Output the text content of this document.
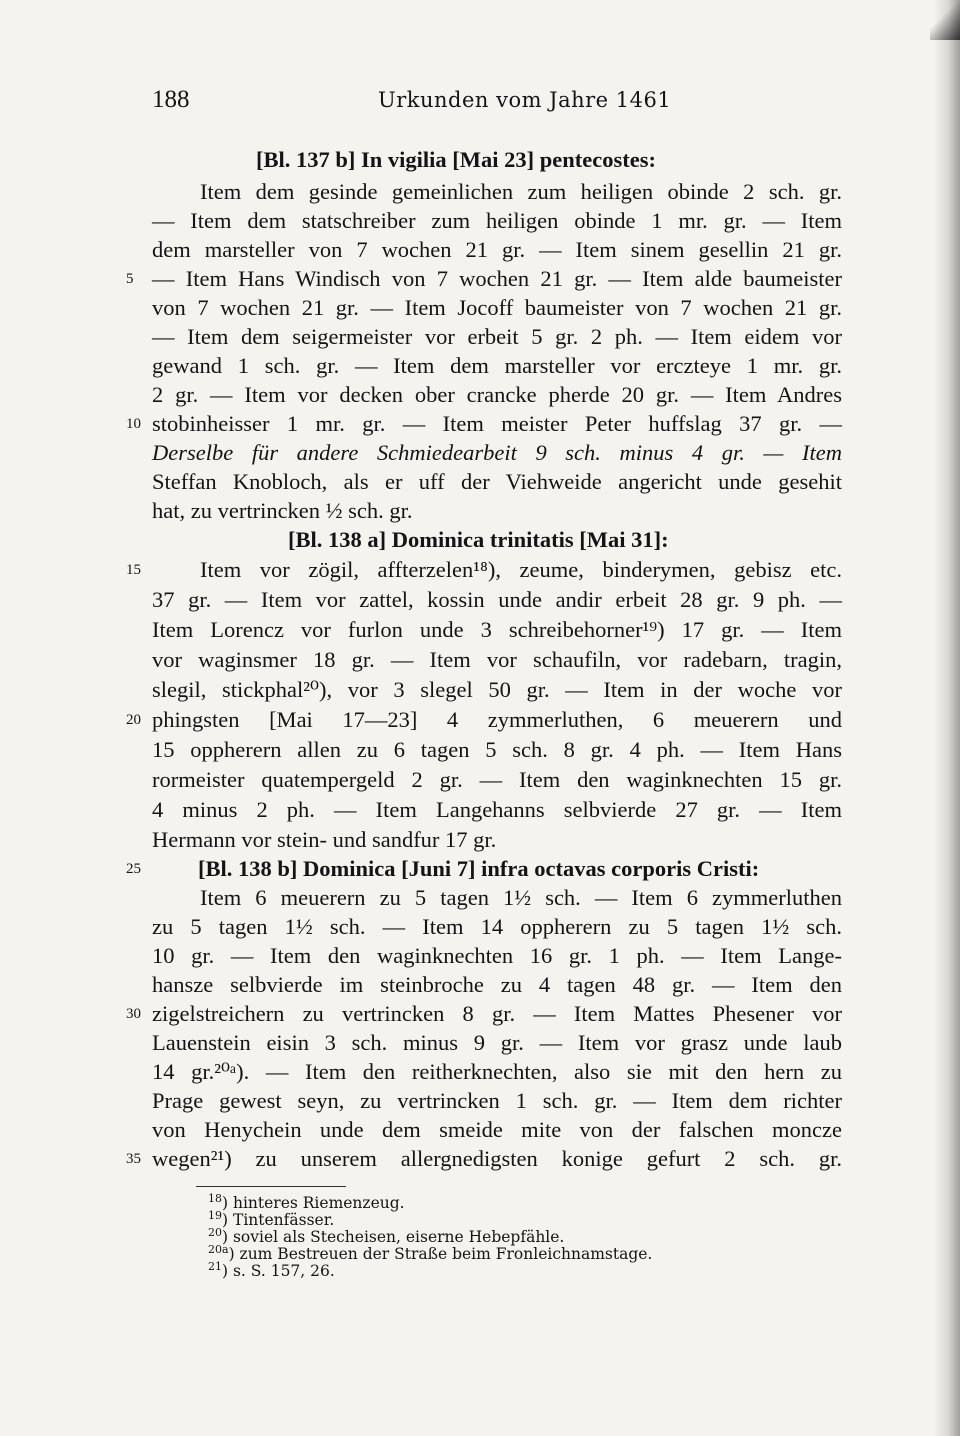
188	Urkunden vom Jahre 1461
[Bl. 137 b] In vigilia [Mai 23] pentecostes:
Item dem gesinde gemeinlichen zum heiligen obinde 2 sch. gr.
— Item dem statschreiber zum heiligen obinde 1 mr. gr. — Item
dem marsteller von 7 wochen 21 gr. — Item sinem gesellin 21 gr.
— Item Hans Windisch von 7 wochen 21 gr. — Item alde baumeister
von 7 wochen 21 gr. — Item Jocoff baumeister von 7 wochen 21 gr.
— Item dem seigermeister vor erbeit 5 gr. 2 ph. — Item eidem vor
gewand 1 sch. gr. — Item dem marsteller vor erczteye 1 mr. gr.
2 gr. — Item vor decken ober crancke pherde 20 gr. — Item Andres
stobinheisser 1 mr. gr. — Item meister Peter huffslag 37 gr. —
Derselbe für andere Schmiedearbeit 9 sch. minus 4 gr. — Item
Steffan Knobloch, als er uff der Viehweide angericht unde gesehit
hat, zu vertrincken ½ sch. gr.
[Bl. 138 a] Dominica trinitatis [Mai 31]:
Item vor zögil, affterzelen¹⁸), zeume, binderymen, gebisz etc.
37 gr. — Item vor zattel, kossin unde andir erbeit 28 gr. 9 ph. —
Item Lorencz vor furlon unde 3 schreibehorner¹⁹) 17 gr. — Item
vor waginsmer 18 gr. — Item vor schaufiln, vor radebarn, tragin,
slegil, stickphal²⁰), vor 3 slegel 50 gr. — Item in der woche vor
phingsten [Mai 17—23] 4 zymmerluthen, 6 meuerern und
15 oppherern allen zu 6 tagen 5 sch. 8 gr. 4 ph. — Item Hans
rormeister quatempergeld 2 gr. — Item den waginknechten 15 gr.
4 minus 2 ph. — Item Langehanns selbvierde 27 gr. — Item
Hermann vor stein- und sandfur 17 gr.
[Bl. 138 b] Dominica [Juni 7] infra octavas corporis Cristi:
Item 6 meuerern zu 5 tagen 1½ sch. — Item 6 zymmerluthen
zu 5 tagen 1½ sch. — Item 14 oppherern zu 5 tagen 1½ sch.
10 gr. — Item den waginknechten 16 gr. 1 ph. — Item Lange-
hansze selbvierde im steinbroche zu 4 tagen 48 gr. — Item den
zigelstreichern zu vertrincken 8 gr. — Item Mattes Phesener vor
Lauenstein eisin 3 sch. minus 9 gr. — Item vor grasz unde laub
14 gr.²⁰ᵃ). — Item den reitherknechten, also sie mit den hern zu
Prage gewest seyn, zu vertrincken 1 sch. gr. — Item dem richter
von Henychein unde dem smeide mite von der falschen moncze
wegen²¹) zu unserem allergnedigsten konige gefurt 2 sch. gr.
5
10
15
20
25
30
35
$^{18}$) hinteres Riemenzeug.
$^{19}$) Tintenfässer.
$^{20}$) soviel als Stecheisen, eiserne Hebepfähle.
$^{20a}$) zum Bestreuen der Straße beim Fronleichnamstage.
$^{21}$) s. S. 157, 26.
